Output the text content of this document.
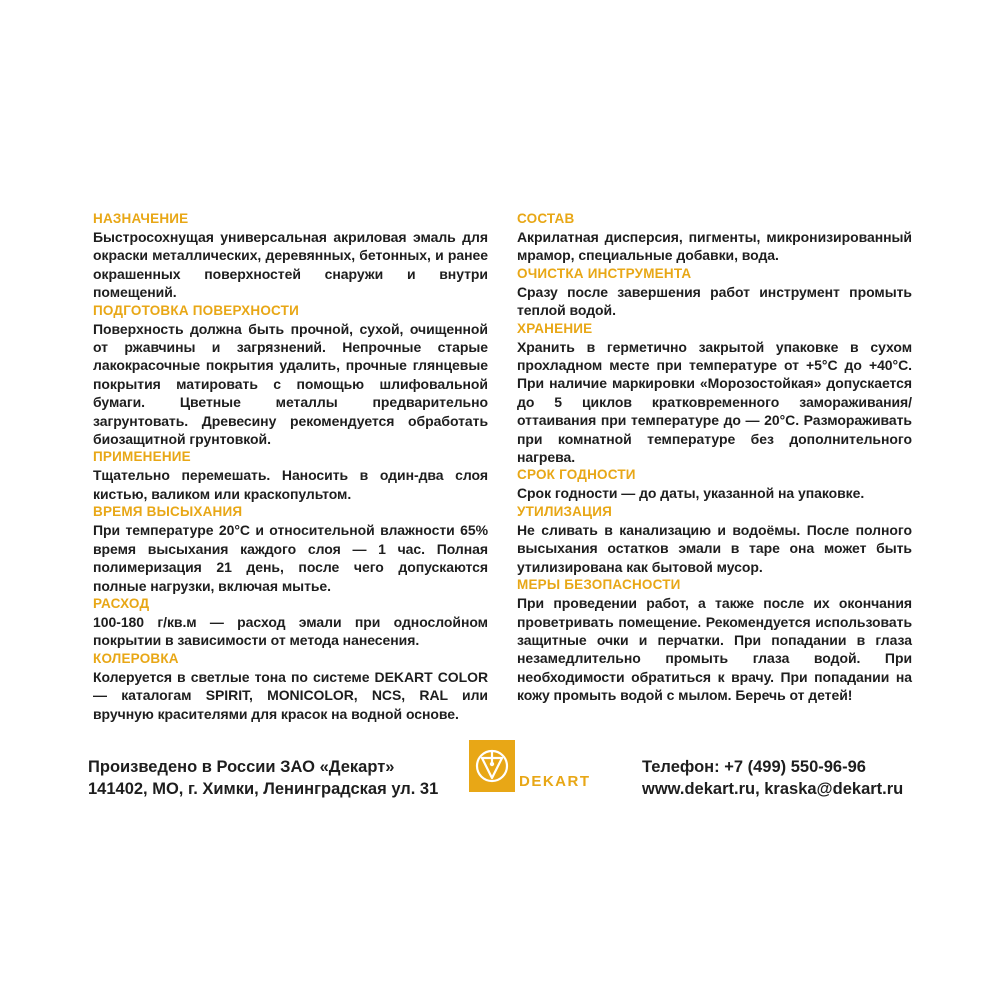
НАЗНАЧЕНИЕ
Быстросохнущая универсальная акриловая эмаль для окраски металлических, деревянных, бетонных, и ранее окрашенных поверхностей снаружи и внутри помещений.
ПОДГОТОВКА ПОВЕРХНОСТИ
Поверхность должна быть прочной, сухой, очищенной от ржавчины и загрязнений. Непрочные старые лакокрасочные покрытия удалить, прочные глянцевые покрытия матировать с помощью шлифовальной бумаги. Цветные металлы предварительно загрунтовать. Древесину рекомендуется обработать биозащитной грунтовкой.
ПРИМЕНЕНИЕ
Тщательно перемешать. Наносить в один-два слоя кистью, валиком или краскопультом.
ВРЕМЯ ВЫСЫХАНИЯ
При температуре 20°C и относительной влажности 65% время высыхания каждого слоя — 1 час. Полная полимеризация 21 день, после чего допускаются полные нагрузки, включая мытье.
РАСХОД
100-180 г/кв.м — расход эмали при однослойном покрытии в зависимости от метода нанесения.
КОЛЕРОВКА
Колеруется в светлые тона по системе DEKART COLOR — каталогам SPIRIT, MONICOLOR, NCS, RAL или вручную красителями для красок на водной основе.
СОСТАВ
Акрилатная дисперсия, пигменты, микронизированный мрамор, специальные добавки, вода.
ОЧИСТКА ИНСТРУМЕНТА
Сразу после завершения работ инструмент промыть теплой водой.
ХРАНЕНИЕ
Хранить в герметично закрытой упаковке в сухом прохладном месте при температуре от +5°C до +40°C. При наличие маркировки «Морозостойкая» допускается до 5 циклов кратковременного замораживания/оттаивания при температуре до — 20°C. Размораживать при комнатной температуре без дополнительного нагрева.
СРОК ГОДНОСТИ
Срок годности — до даты, указанной на упаковке.
УТИЛИЗАЦИЯ
Не сливать в канализацию и водоёмы. После полного высыхания остатков эмали в таре она может быть утилизирована как бытовой мусор.
МЕРЫ БЕЗОПАСНОСТИ
При проведении работ, а также после их окончания проветривать помещение. Рекомендуется использовать защитные очки и перчатки. При попадании в глаза незамедлительно промыть глаза водой. При необходимости обратиться к врачу. При попадании на кожу промыть водой с мылом. Беречь от детей!
Произведено в России ЗАО «Декарт»
141402, МО, г. Химки, Ленинградская ул. 31
Телефон: +7 (499) 550-96-96
www.dekart.ru, kraska@dekart.ru
DEKART
